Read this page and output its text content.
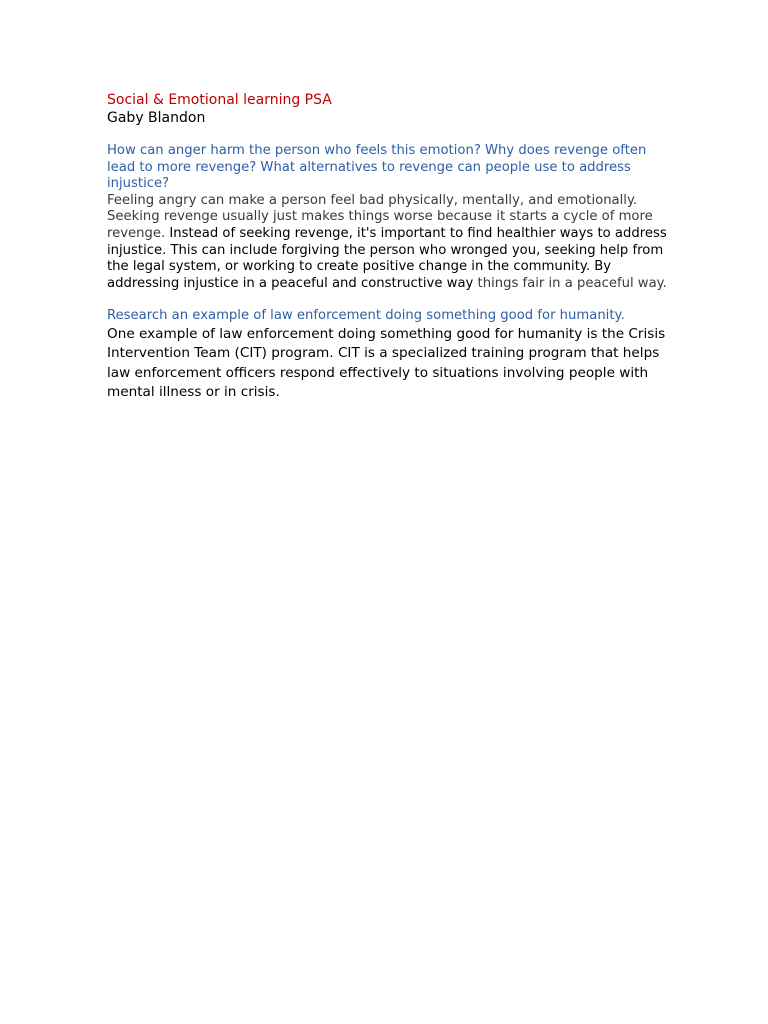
Social & Emotional learning PSA

Gaby Blandon

How can anger harm the person who feels this emotion? Why does revenge often lead to more revenge? What alternatives to revenge can people use to address injustice?

Feeling angry can make a person feel bad physically, mentally, and emotionally. Seeking revenge usually just makes things worse because it starts a cycle of more revenge. Instead of seeking revenge, it's important to find healthier ways to address injustice. This can include forgiving the person who wronged you, seeking help from the legal system, or working to create positive change in the community. By addressing injustice in a peaceful and constructive way things fair in a peaceful way.

Research an example of law enforcement doing something good for humanity.

One example of law enforcement doing something good for humanity is the Crisis Intervention Team (CIT) program. CIT is a specialized training program that helps law enforcement officers respond effectively to situations involving people with mental illness or in crisis.
